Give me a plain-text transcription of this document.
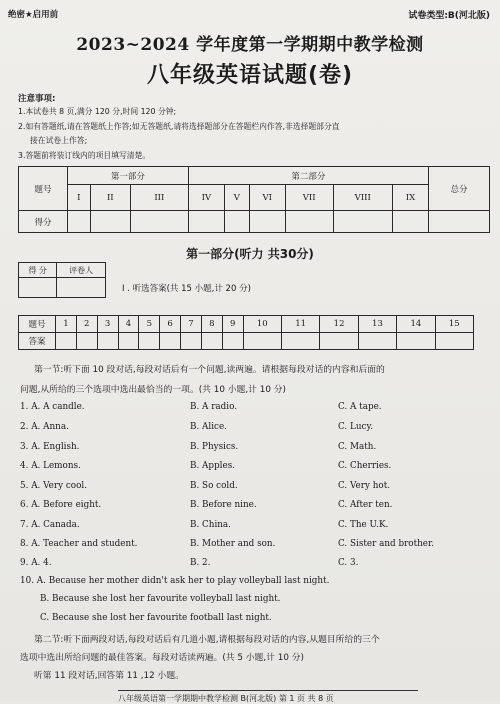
绝密★启用前	试卷类型:B(河北版)
2023~2024 学年度第一学期期中教学检测
八年级英语试题(卷)
注意事项:
1.本试卷共 8 页,满分 120 分,时间 120 分钟;
2.如有答题纸,请在答题纸上作答;如无答题纸,请将选择题部分在答题栏内作答,非选择题部分直
接在试卷上作答;
3.答题前将装订线内的项目填写清楚。
题号	第一部分			第二部分						总分
	I	II	III	IV	V	VI	VII	VIII	IX	
得分										
第一部分(听力 共30分)
得 分	评卷人

I . 听选答案(共 15 小题,计 20 分)
题号	1	2	3	4	5	6	7	8	9	10	11	12	13	14	15
答案															
第一节:听下面 10 段对话,每段对话后有一个问题,读两遍。请根据每段对话的内容和后面的
问题,从所给的三个选项中选出最恰当的一项。(共 10 小题,计 10 分)
1. A. A candle.	B. A radio.	C. A tape.
2. A. Anna.	B. Alice.	C. Lucy.
3. A. English.	B. Physics.	C. Math.
4. A. Lemons.	B. Apples.	C. Cherries.
5. A. Very cool.	B. So cold.	C. Very hot.
6. A. Before eight.	B. Before nine.	C. After ten.
7. A. Canada.	B. China.	C. The U.K.
8. A. Teacher and student.	B. Mother and son.	C. Sister and brother.
9. A. 4.	B. 2.	C. 3.
10. A. Because her mother didn't ask her to play volleyball last night.
B. Because she lost her favourite volleyball last night.
C. Because she lost her favourite football last night.
第二节:听下面两段对话,每段对话后有几道小题,请根据每段对话的内容,从题目所给的三个
选项中选出所给问题的最佳答案。每段对话读两遍。(共 5 小题,计 10 分)
听第 11 段对话,回答第 11 ,12 小题。
八年级英语第一学期期中教学检测 B(河北版) 第 1 页 共 8 页
